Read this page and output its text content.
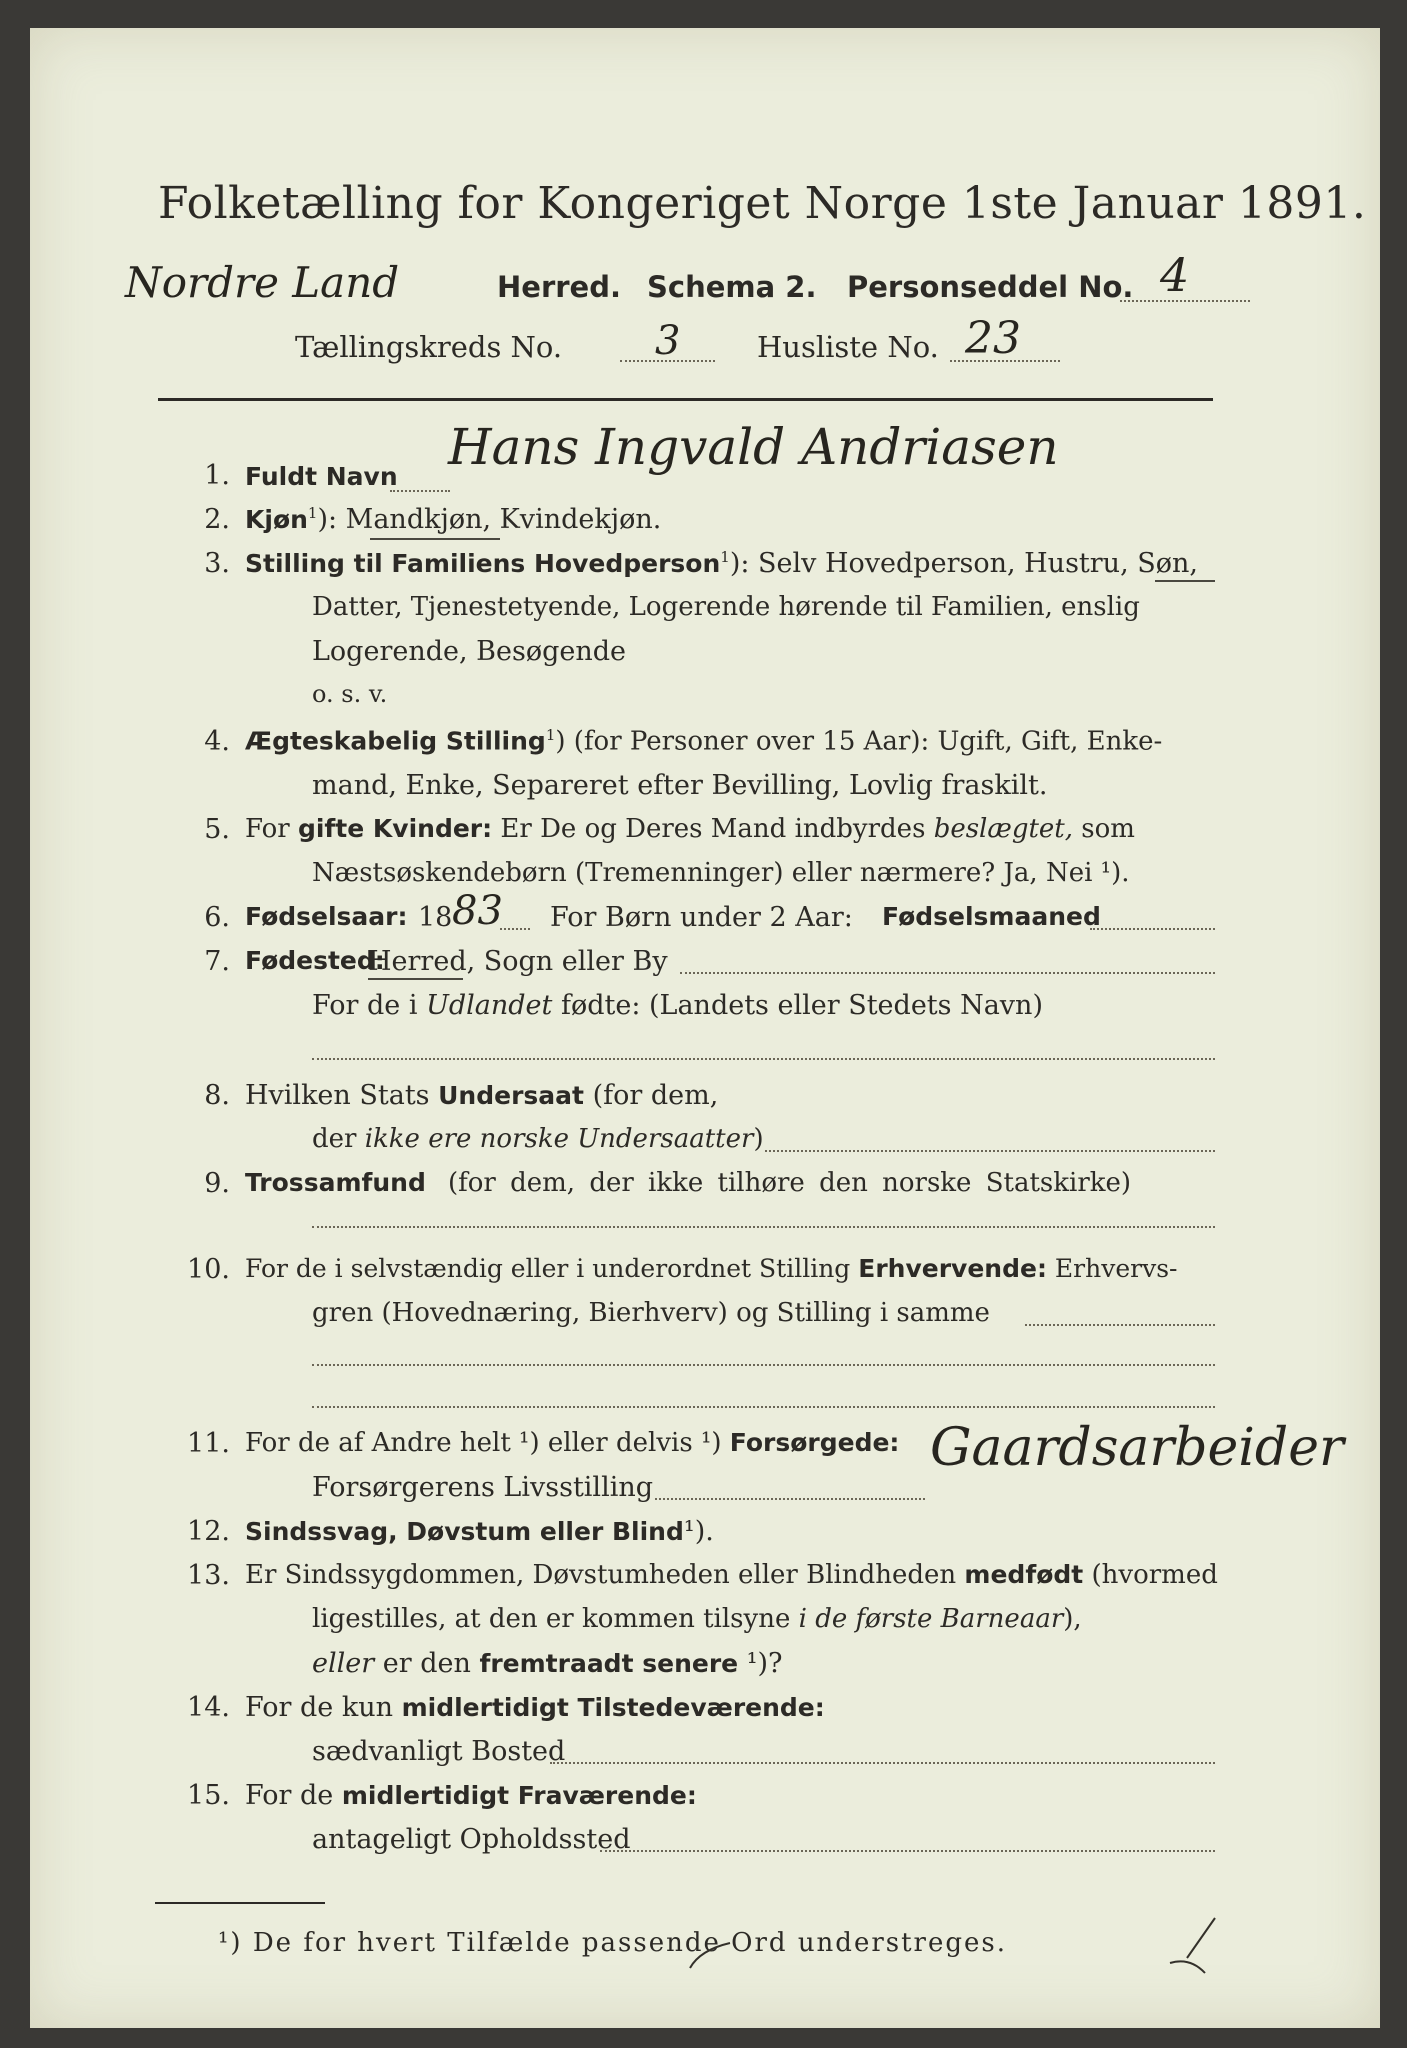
Folketælling for Kongeriget Norge 1ste Januar 1891.
Nordre Land	Herred. Schema 2. Personseddel No. 4
Tællingskreds No. 3	Husliste No. 23
1. Fuldt Navn
Hans Ingvald Andriasen
2. Kjøn$^1$): Mandkjøn, Kvindekjøn.
3. Stilling til Familiens Hovedperson$^1$): Selv Hovedperson, Hustru, Søn,
Datter, Tjenestetyende, Logerende hørende til Familien, enslig
Logerende, Besøgende
o. s. v.
4. Ægteskabelig Stilling$^1$) (for Personer over 15 Aar): Ugift, Gift, Enke-
mand, Enke, Separeret efter Bevilling, Lovlig fraskilt.
5. For gifte Kvinder: Er De og Deres Mand indbyrdes beslægtet, som
Næstsøskendebørn (Tremenninger) eller nærmere? Ja, Nei ¹).
6. Fødselsaar: 18 83 For Børn under 2 Aar: Fødselsmaaned
7. Fødested:
Herred, Sogn eller By
For de i Udlandet fødte: (Landets eller Stedets Navn)
8. Hvilken Stats Undersaat (for dem,
der ikke ere norske Undersaatter)
9. Trossamfund (for dem, der ikke tilhøre den norske Statskirke)
10. For de i selvstændig eller i underordnet Stilling Erhvervende: Erhvervs-
gren (Hovednæring, Bierhverv) og Stilling i samme
11. For de af Andre helt ¹) eller delvis ¹) Forsørgede:
Forsørgerens Livsstilling
Gaardsarbeider
12. Sindssvag, Døvstum eller Blind¹).
13. Er Sindssygdommen, Døvstumheden eller Blindheden medfødt (hvormed
ligestilles, at den er kommen tilsyne i de første Barneaar),
eller er den fremtraadt senere ¹)?
14. For de kun midlertidigt Tilstedeværende:
sædvanligt Bosted
15. For de midlertidigt Fraværende:
antageligt Opholdssted
¹) De for hvert Tilfælde passende Ord understreges.
